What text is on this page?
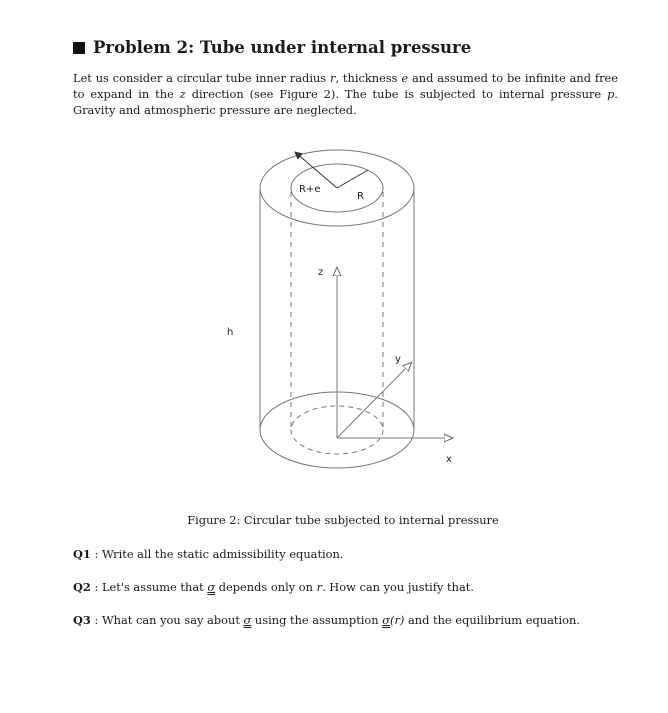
Problem 2: Tube under internal pressure

Let us consider a circular tube inner radius r, thickness e and assumed to be infinite and free to expand in the z direction (see Figure 2). The tube is subjected to internal pressure p. Gravity and atmospheric pressure are neglected.

R+e
R
h
z
y
x

Figure 2: Circular tube subjected to internal pressure

Q1 : Write all the static admissibility equation.

Q2 : Let's assume that σ depends only on r. How can you justify that.

Q3 : What can you say about σ using the assumption σ(r) and the equilibrium equation.
